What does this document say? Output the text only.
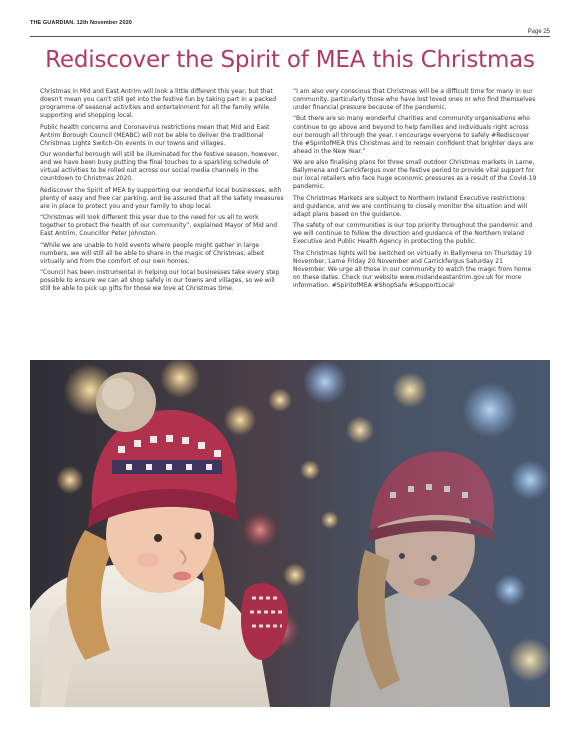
THE GUARDIAN. 12th November 2020
Page 25
Rediscover the Spirit of MEA this Christmas

Christmas in Mid and East Antrim will look a little different this year, but that doesn't mean you can't still get into the festive fun by taking part in a packed programme of seasonal activities and entertainment for all the family while supporting and shopping local.

Public health concerns and Coronavirus restrictions mean that Mid and East Antrim Borough Council (MEABC) will not be able to deliver the traditional Christmas Lights Switch-On events in our towns and villages.

Our wonderful borough will still be illuminated for the festive season, however, and we have been busy putting the final touches to a sparkling schedule of virtual activities to be rolled out across our social media channels in the countdown to Christmas 2020.

Rediscover the Spirit of MEA by supporting our wonderful local businesses, with plenty of easy and free car parking, and be assured that all the safety measures are in place to protect you and your family to shop local.

“Christmas will look different this year due to the need for us all to work together to protect the health of our community”, explained Mayor of Mid and East Antrim, Councillor Peter Johnston.

“While we are unable to hold events where people might gather in large numbers, we will still all be able to share in the magic of Christmas, albeit virtually and from the comfort of our own homes.

“Council has been instrumental in helping our local businesses take every step possible to ensure we can all shop safely in our towns and villages, so we will still be able to pick up gifts for those we love at Christmas time.

“I am also very conscious that Christmas will be a difficult time for many in our community, particularly those who have lost loved ones or who find themselves under financial pressure because of the pandemic.

“But there are so many wonderful charities and community organisations who continue to go above and beyond to help families and individuals right across our borough all through the year. I encourage everyone to safely #Rediscover the #SpiritofMEA this Christmas and to remain confident that brighter days are ahead in the New Year.”

We are also finalising plans for three small outdoor Christmas markets in Larne, Ballymena and Carrickfergus over the festive period to provide vital support for our local retailers who face huge economic pressures as a result of the Covid-19 pandemic.

The Christmas Markets are subject to Northern Ireland Executive restrictions and guidance, and we are continuing to closely monitor the situation and will adapt plans based on the guidance.

The safety of our communities is our top priority throughout the pandemic and we will continue to follow the direction and guidance of the Northern Ireland Executive and Public Health Agency in protecting the public.

The Christmas lights will be switched on virtually in Ballymena on Thursday 19 November, Larne Friday 20 November and Carrickfergus Saturday 21 November. We urge all those in our community to watch the magic from home on these dates. Check our website www.midandeastantrim.gov.uk for more information. #SpiritofMEA #ShopSafe #SupportLocal
